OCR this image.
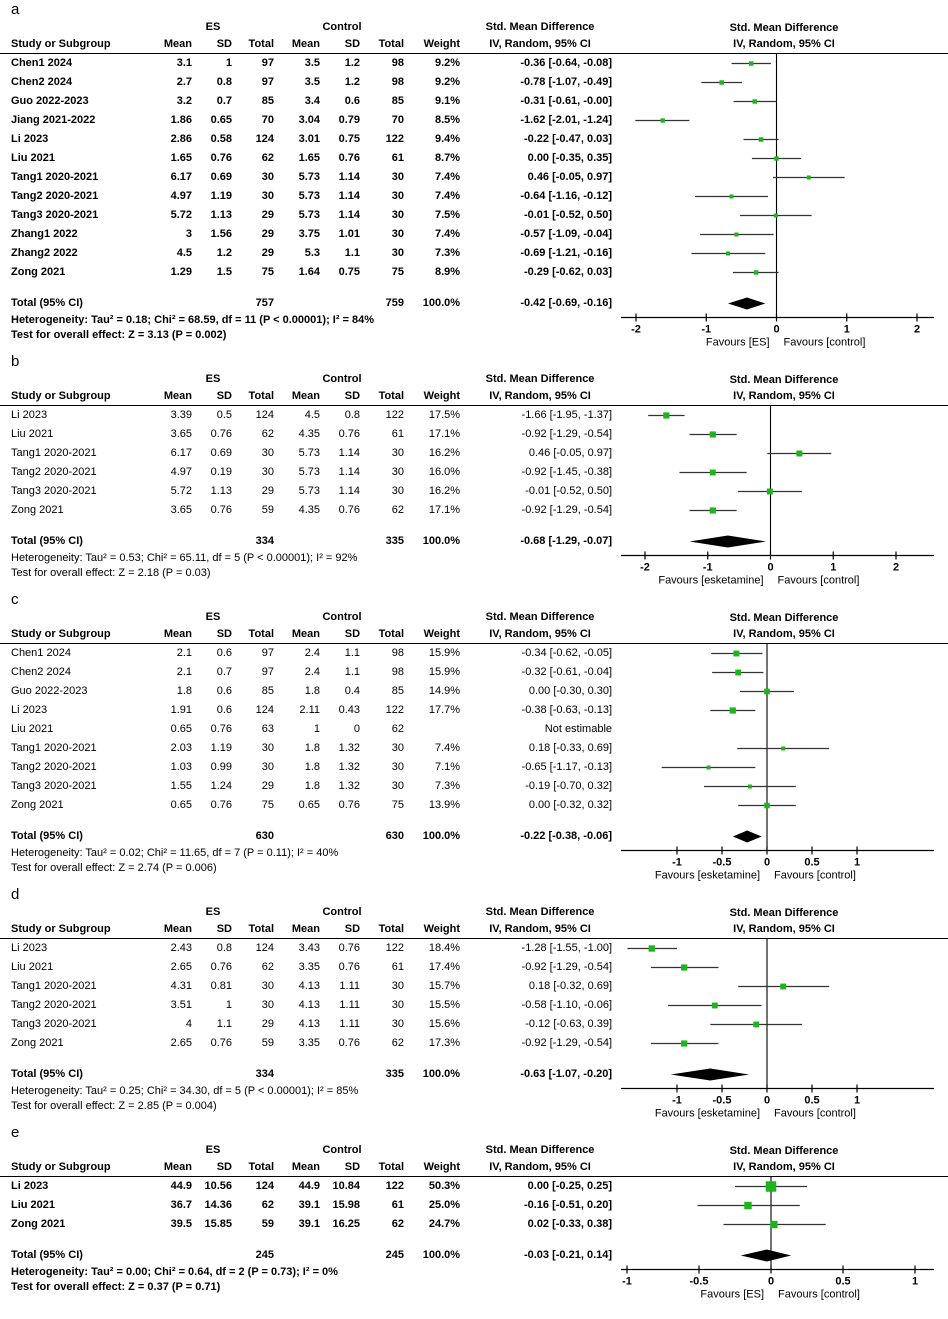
a
	ES			Control				Std. Mean Difference
Study or Subgroup	Mean	SD	Total	Mean	SD	Total	Weight	IV, Random, 95% CI
Chen1 2024	3.1	1	97	3.5	1.2	98	9.2%	-0.36 [-0.64, -0.08]
Chen2 2024	2.7	0.8	97	3.5	1.2	98	9.2%	-0.78 [-1.07, -0.49]
Guo 2022-2023	3.2	0.7	85	3.4	0.6	85	9.1%	-0.31 [-0.61, -0.00]
Jiang 2021-2022	1.86	0.65	70	3.04	0.79	70	8.5%	-1.62 [-2.01, -1.24]
Li 2023	2.86	0.58	124	3.01	0.75	122	9.4%	-0.22 [-0.47, 0.03]
Liu 2021	1.65	0.76	62	1.65	0.76	61	8.7%	0.00 [-0.35, 0.35]
Tang1 2020-2021	6.17	0.69	30	5.73	1.14	30	7.4%	0.46 [-0.05, 0.97]
Tang2 2020-2021	4.97	1.19	30	5.73	1.14	30	7.4%	-0.64 [-1.16, -0.12]
Tang3 2020-2021	5.72	1.13	29	5.73	1.14	30	7.5%	-0.01 [-0.52, 0.50]
Zhang1 2022	3	1.56	29	3.75	1.01	30	7.4%	-0.57 [-1.09, -0.04]
Zhang2 2022	4.5	1.2	29	5.3	1.1	30	7.3%	-0.69 [-1.21, -0.16]
Zong 2021	1.29	1.5	75	1.64	0.75	75	8.9%	-0.29 [-0.62, 0.03]

Total (95% CI)			757			759	100.0%	-0.42 [-0.69, -0.16]
Heterogeneity: Tau² = 0.18; Chi² = 68.59, df = 11 (P < 0.00001); I² = 84%
Test for overall effect: Z = 3.13 (P = 0.002)
Std. Mean Difference
IV, Random, 95% CI
-2	-1	0	1	2
Favours [ES] Favours [control]
b
	ES			Control				Std. Mean Difference
Study or Subgroup	Mean	SD	Total	Mean	SD	Total	Weight	IV, Random, 95% CI
Li 2023	3.39	0.5	124	4.5	0.8	122	17.5%	-1.66 [-1.95, -1.37]
Liu 2021	3.65	0.76	62	4.35	0.76	61	17.1%	-0.92 [-1.29, -0.54]
Tang1 2020-2021	6.17	0.69	30	5.73	1.14	30	16.2%	0.46 [-0.05, 0.97]
Tang2 2020-2021	4.97	0.19	30	5.73	1.14	30	16.0%	-0.92 [-1.45, -0.38]
Tang3 2020-2021	5.72	1.13	29	5.73	1.14	30	16.2%	-0.01 [-0.52, 0.50]
Zong 2021	3.65	0.76	59	4.35	0.76	62	17.1%	-0.92 [-1.29, -0.54]

Total (95% CI)			334			335	100.0%	-0.68 [-1.29, -0.07]
Heterogeneity: Tau² = 0.53; Chi² = 65.11, df = 5 (P < 0.00001); I² = 92%
Test for overall effect: Z = 2.18 (P = 0.03)
Std. Mean Difference
IV, Random, 95% CI
-2	-1	0	1	2
Favours [esketamine] Favours [control]
c
	ES			Control				Std. Mean Difference
Study or Subgroup	Mean	SD	Total	Mean	SD	Total	Weight	IV, Random, 95% CI
Chen1 2024	2.1	0.6	97	2.4	1.1	98	15.9%	-0.34 [-0.62, -0.05]
Chen2 2024	2.1	0.7	97	2.4	1.1	98	15.9%	-0.32 [-0.61, -0.04]
Guo 2022-2023	1.8	0.6	85	1.8	0.4	85	14.9%	0.00 [-0.30, 0.30]
Li 2023	1.91	0.6	124	2.11	0.43	122	17.7%	-0.38 [-0.63, -0.13]
Liu 2021	0.65	0.76	63	1	0	62		Not estimable
Tang1 2020-2021	2.03	1.19	30	1.8	1.32	30	7.4%	0.18 [-0.33, 0.69]
Tang2 2020-2021	1.03	0.99	30	1.8	1.32	30	7.1%	-0.65 [-1.17, -0.13]
Tang3 2020-2021	1.55	1.24	29	1.8	1.32	30	7.3%	-0.19 [-0.70, 0.32]
Zong 2021	0.65	0.76	75	0.65	0.76	75	13.9%	0.00 [-0.32, 0.32]

Total (95% CI)			630			630	100.0%	-0.22 [-0.38, -0.06]
Heterogeneity: Tau² = 0.02; Chi² = 11.65, df = 7 (P = 0.11); I² = 40%
Test for overall effect: Z = 2.74 (P = 0.006)
Std. Mean Difference
IV, Random, 95% CI
-1	-0.5	0	0.5	1
Favours [esketamine] Favours [control]
d
	ES			Control				Std. Mean Difference
Study or Subgroup	Mean	SD	Total	Mean	SD	Total	Weight	IV, Random, 95% CI
Li 2023	2.43	0.8	124	3.43	0.76	122	18.4%	-1.28 [-1.55, -1.00]
Liu 2021	2.65	0.76	62	3.35	0.76	61	17.4%	-0.92 [-1.29, -0.54]
Tang1 2020-2021	4.31	0.81	30	4.13	1.11	30	15.7%	0.18 [-0.32, 0.69]
Tang2 2020-2021	3.51	1	30	4.13	1.11	30	15.5%	-0.58 [-1.10, -0.06]
Tang3 2020-2021	4	1.1	29	4.13	1.11	30	15.6%	-0.12 [-0.63, 0.39]
Zong 2021	2.65	0.76	59	3.35	0.76	62	17.3%	-0.92 [-1.29, -0.54]

Total (95% CI)			334			335	100.0%	-0.63 [-1.07, -0.20]
Heterogeneity: Tau² = 0.25; Chi² = 34.30, df = 5 (P < 0.00001); I² = 85%
Test for overall effect: Z = 2.85 (P = 0.004)
Std. Mean Difference
IV, Random, 95% CI
-1	-0.5	0	0.5	1
Favours [esketamine] Favours [control]
e
	ES			Control				Std. Mean Difference
Study or Subgroup	Mean	SD	Total	Mean	SD	Total	Weight	IV, Random, 95% CI
Li 2023	44.9	10.56	124	44.9	10.84	122	50.3%	0.00 [-0.25, 0.25]
Liu 2021	36.7	14.36	62	39.1	15.98	61	25.0%	-0.16 [-0.51, 0.20]
Zong 2021	39.5	15.85	59	39.1	16.25	62	24.7%	0.02 [-0.33, 0.38]

Total (95% CI)			245			245	100.0%	-0.03 [-0.21, 0.14]
Heterogeneity: Tau² = 0.00; Chi² = 0.64, df = 2 (P = 0.73); I² = 0%
Test for overall effect: Z = 0.37 (P = 0.71)
Std. Mean Difference
IV, Random, 95% CI
-1	-0.5	0	0.5	1
Favours [ES] Favours [control]
